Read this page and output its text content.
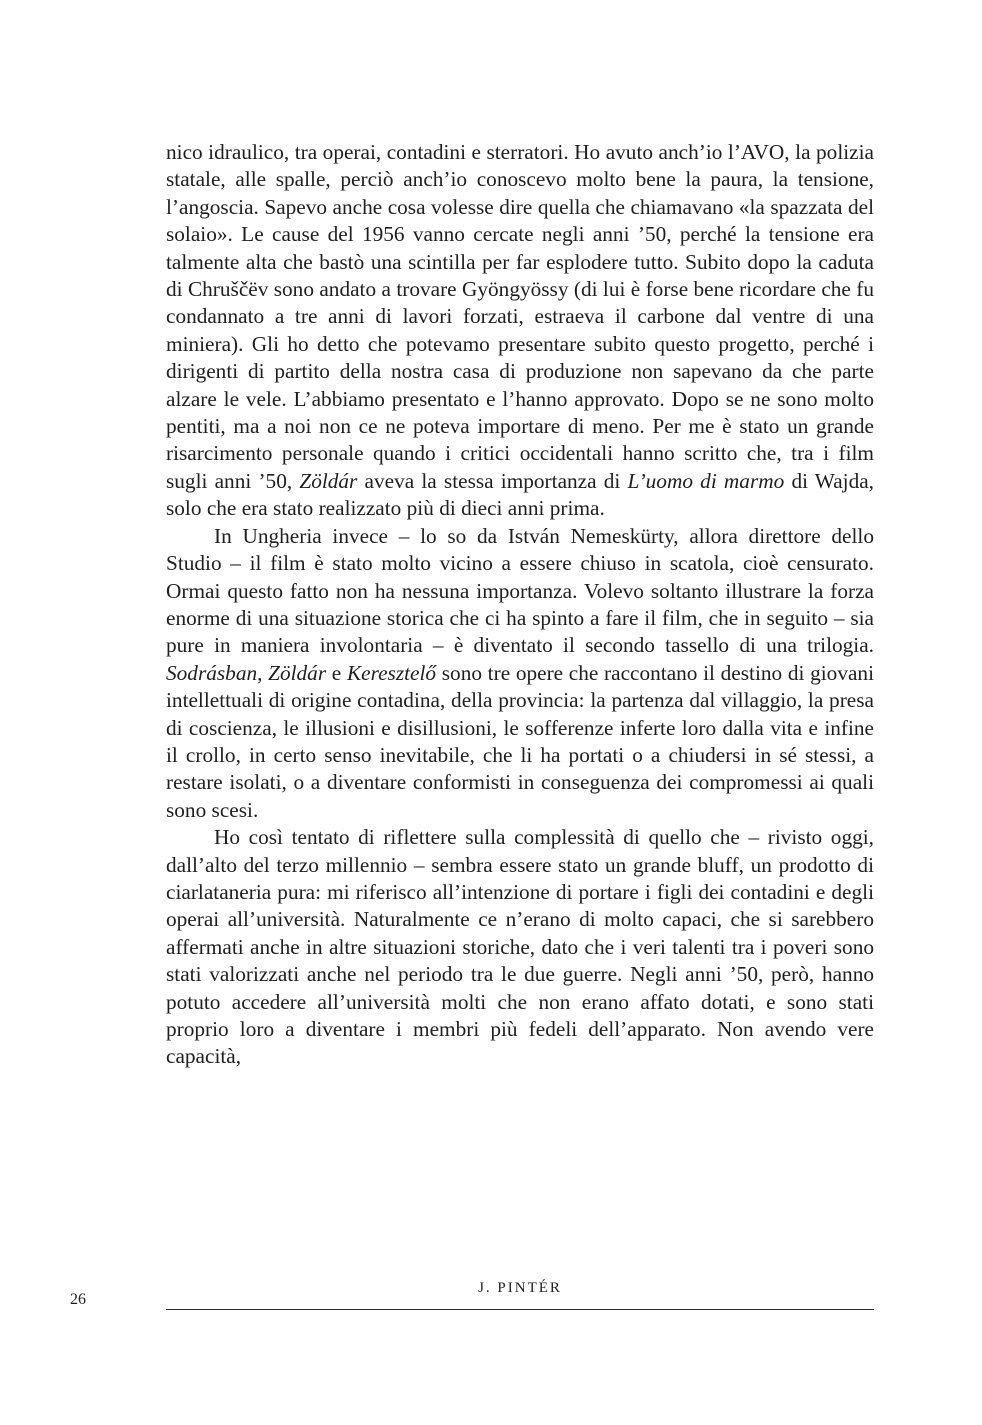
nico idraulico, tra operai, contadini e sterratori. Ho avuto anch’io l’AVO, la polizia statale, alle spalle, perciò anch’io conoscevo molto bene la paura, la tensione, l’angoscia. Sapevo anche cosa volesse dire quella che chiamavano «la spazzata del solaio». Le cause del 1956 vanno cercate negli anni ’50, perché la tensione era talmente alta che bastò una scintilla per far esplodere tutto. Subito dopo la caduta di Chruščëv sono andato a trovare Gyöngyössy (di lui è forse bene ricordare che fu condannato a tre anni di lavori forzati, estraeva il carbone dal ventre di una miniera). Gli ho detto che potevamo presentare subito questo progetto, perché i dirigenti di partito della nostra casa di produzione non sapevano da che parte alzare le vele. L’abbiamo presentato e l’hanno approvato. Dopo se ne sono molto pentiti, ma a noi non ce ne poteva importare di meno. Per me è stato un grande risarcimento personale quando i critici occidentali hanno scritto che, tra i film sugli anni ’50, Zöldár aveva la stessa importanza di L’uomo di marmo di Wajda, solo che era stato realizzato più di dieci anni prima.

In Ungheria invece – lo so da István Nemeskürty, allora direttore dello Studio – il film è stato molto vicino a essere chiuso in scatola, cioè censurato. Ormai questo fatto non ha nessuna importanza. Volevo soltanto illustrare la forza enorme di una situazione storica che ci ha spinto a fare il film, che in seguito – sia pure in maniera involontaria – è diventato il secondo tassello di una trilogia. Sodrásban, Zöldár e Keresztelő sono tre opere che raccontano il destino di giovani intellettuali di origine contadina, della provincia: la partenza dal villaggio, la presa di coscienza, le illusioni e disillusioni, le sofferenze inferte loro dalla vita e infine il crollo, in certo senso inevitabile, che li ha portati o a chiudersi in sé stessi, a restare isolati, o a diventare conformisti in conseguenza dei compromessi ai quali sono scesi.

Ho così tentato di riflettere sulla complessità di quello che – rivisto oggi, dall’alto del terzo millennio – sembra essere stato un grande bluff, un prodotto di ciarlataneria pura: mi riferisco all’intenzione di portare i figli dei contadini e degli operai all’università. Naturalmente ce n’erano di molto capaci, che si sarebbero affermati anche in altre situazioni storiche, dato che i veri talenti tra i poveri sono stati valorizzati anche nel periodo tra le due guerre. Negli anni ’50, però, hanno potuto accedere all’università molti che non erano affato dotati, e sono stati proprio loro a diventare i membri più fedeli dell’apparato. Non avendo vere capacità,

J. PINTÉR
26
